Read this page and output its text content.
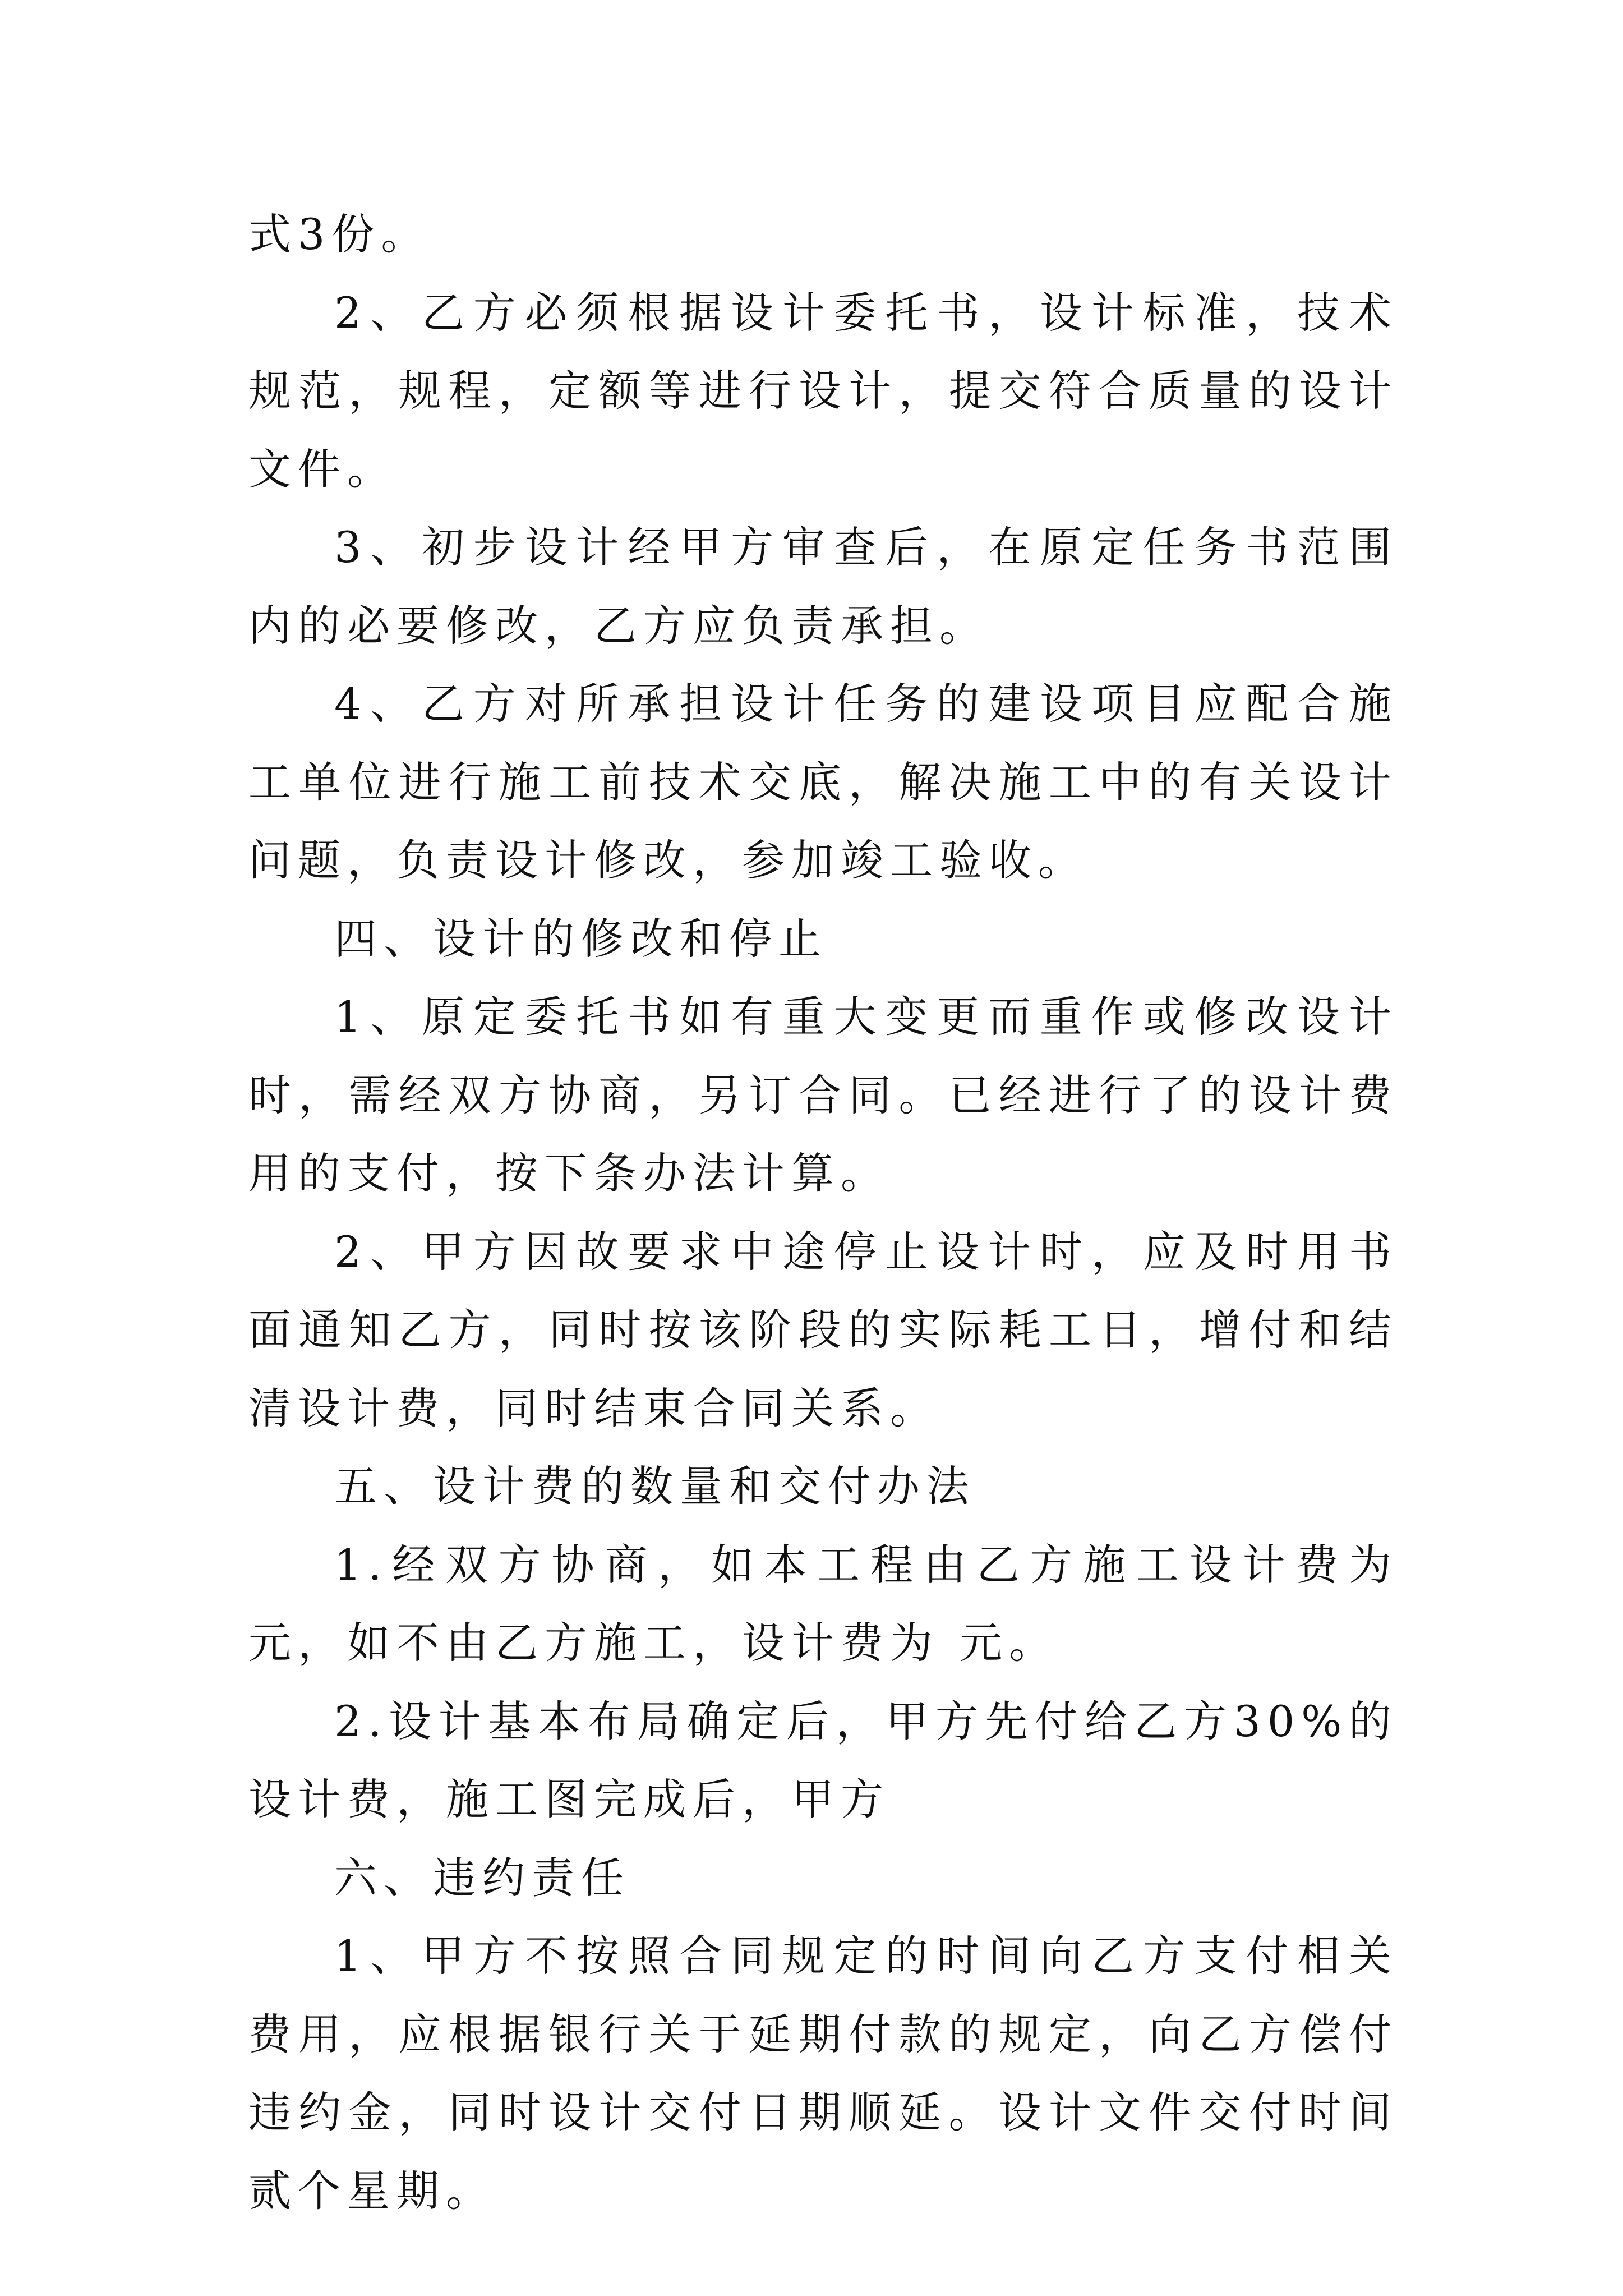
式3份。

2、乙方必须根据设计委托书，设计标准，技术规范，规程，定额等进行设计，提交符合质量的设计文件。

3、初步设计经甲方审查后，在原定任务书范围内的必要修改，乙方应负责承担。

4、乙方对所承担设计任务的建设项目应配合施工单位进行施工前技术交底，解决施工中的有关设计问题，负责设计修改，参加竣工验收。

四、设计的修改和停止

1、原定委托书如有重大变更而重作或修改设计时，需经双方协商，另订合同。已经进行了的设计费用的支付，按下条办法计算。

2、甲方因故要求中途停止设计时，应及时用书面通知乙方，同时按该阶段的实际耗工日，增付和结清设计费，同时结束合同关系。

五、设计费的数量和交付办法

1.经双方协商，如本工程由乙方施工设计费为 元，如不由乙方施工，设计费为 元。

2.设计基本布局确定后，甲方先付给乙方30%的设计费，施工图完成后，甲方

六、违约责任

1、甲方不按照合同规定的时间向乙方支付相关费用，应根据银行关于延期付款的规定，向乙方偿付违约金，同时设计交付日期顺延。设计文件交付时间贰个星期。
